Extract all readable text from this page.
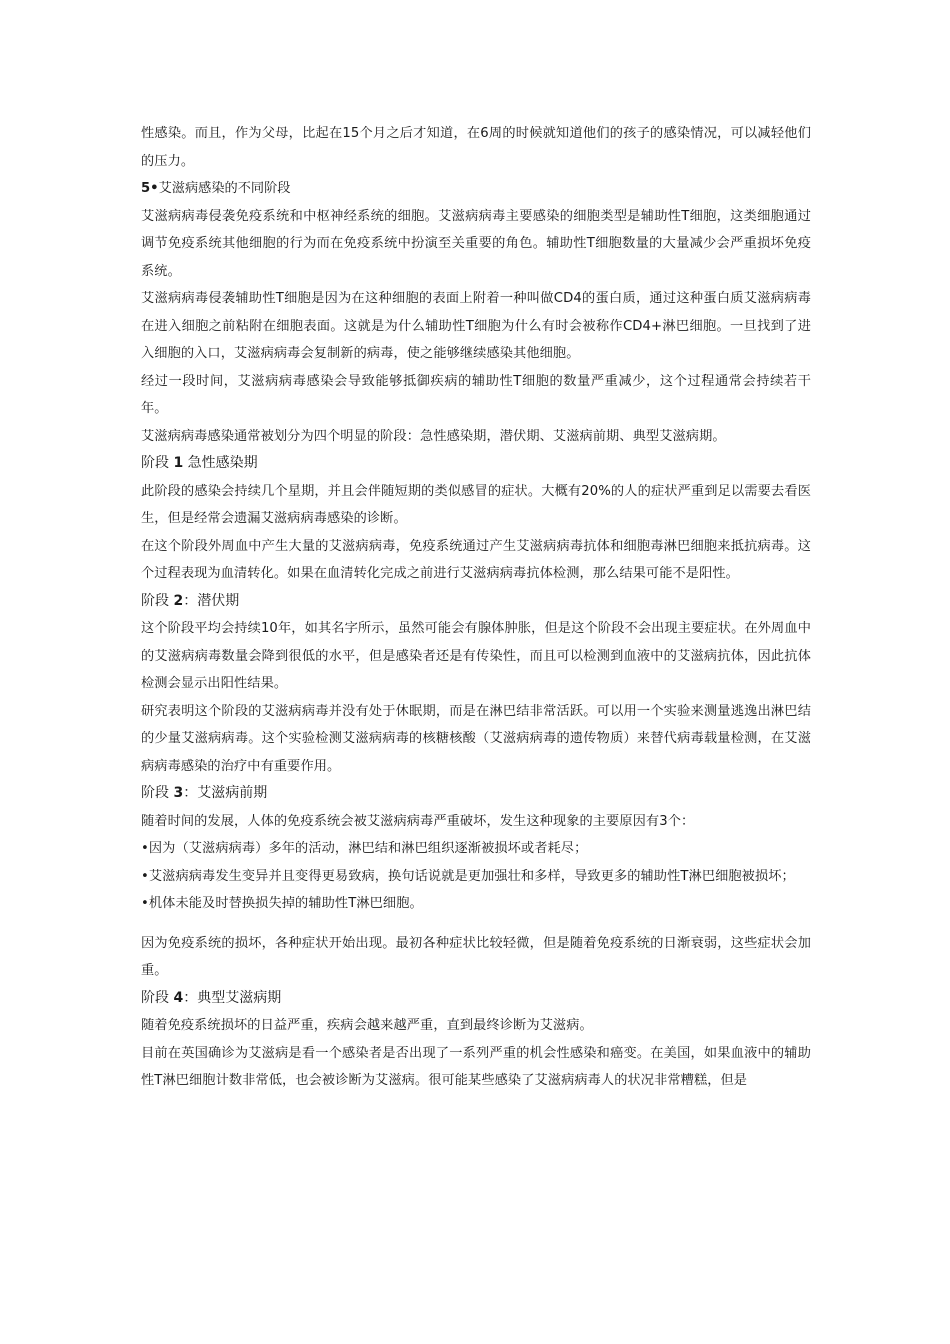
性感染。而且，作为父母，比起在15个月之后才知道，在6周的时候就知道他们的孩子的感染情况，可以减轻他们的压力。

5•艾滋病感染的不同阶段

艾滋病病毒侵袭免疫系统和中枢神经系统的细胞。艾滋病病毒主要感染的细胞类型是辅助性T细胞，这类细胞通过调节免疫系统其他细胞的行为而在免疫系统中扮演至关重要的角色。辅助性T细胞数量的大量减少会严重损坏免疫系统。

艾滋病病毒侵袭辅助性T细胞是因为在这种细胞的表面上附着一种叫做CD4的蛋白质，通过这种蛋白质艾滋病病毒在进入细胞之前粘附在细胞表面。这就是为什么辅助性T细胞为什么有时会被称作CD4+淋巴细胞。一旦找到了进入细胞的入口，艾滋病病毒会复制新的病毒，使之能够继续感染其他细胞。

经过一段时间，艾滋病病毒感染会导致能够抵御疾病的辅助性T细胞的数量严重减少，这个过程通常会持续若干年。

艾滋病病毒感染通常被划分为四个明显的阶段：急性感染期，潜伏期、艾滋病前期、典型艾滋病期。

阶段 1 急性感染期

此阶段的感染会持续几个星期，并且会伴随短期的类似感冒的症状。大概有20%的人的症状严重到足以需要去看医生，但是经常会遗漏艾滋病病毒感染的诊断。

在这个阶段外周血中产生大量的艾滋病病毒，免疫系统通过产生艾滋病病毒抗体和细胞毒淋巴细胞来抵抗病毒。这个过程表现为血清转化。如果在血清转化完成之前进行艾滋病病毒抗体检测，那么结果可能不是阳性。

阶段 2：潜伏期

这个阶段平均会持续10年，如其名字所示，虽然可能会有腺体肿胀，但是这个阶段不会出现主要症状。在外周血中的艾滋病病毒数量会降到很低的水平，但是感染者还是有传染性，而且可以检测到血液中的艾滋病抗体，因此抗体检测会显示出阳性结果。

研究表明这个阶段的艾滋病病毒并没有处于休眠期，而是在淋巴结非常活跃。可以用一个实验来测量逃逸出淋巴结的少量艾滋病病毒。这个实验检测艾滋病病毒的核糖核酸（艾滋病病毒的遗传物质）来替代病毒载量检测，在艾滋病病毒感染的治疗中有重要作用。

阶段 3：艾滋病前期

随着时间的发展，人体的免疫系统会被艾滋病病毒严重破坏，发生这种现象的主要原因有3个：

•因为（艾滋病病毒）多年的活动，淋巴结和淋巴组织逐渐被损坏或者耗尽；

•艾滋病病毒发生变异并且变得更易致病，换句话说就是更加强壮和多样，导致更多的辅助性T淋巴细胞被损坏；

•机体未能及时替换损失掉的辅助性T淋巴细胞。

因为免疫系统的损坏，各种症状开始出现。最初各种症状比较轻微，但是随着免疫系统的日渐衰弱，这些症状会加重。

阶段 4：典型艾滋病期

随着免疫系统损坏的日益严重，疾病会越来越严重，直到最终诊断为艾滋病。

目前在英国确诊为艾滋病是看一个感染者是否出现了一系列严重的机会性感染和癌变。在美国，如果血液中的辅助性T淋巴细胞计数非常低，也会被诊断为艾滋病。很可能某些感染了艾滋病病毒人的状况非常糟糕，但是
